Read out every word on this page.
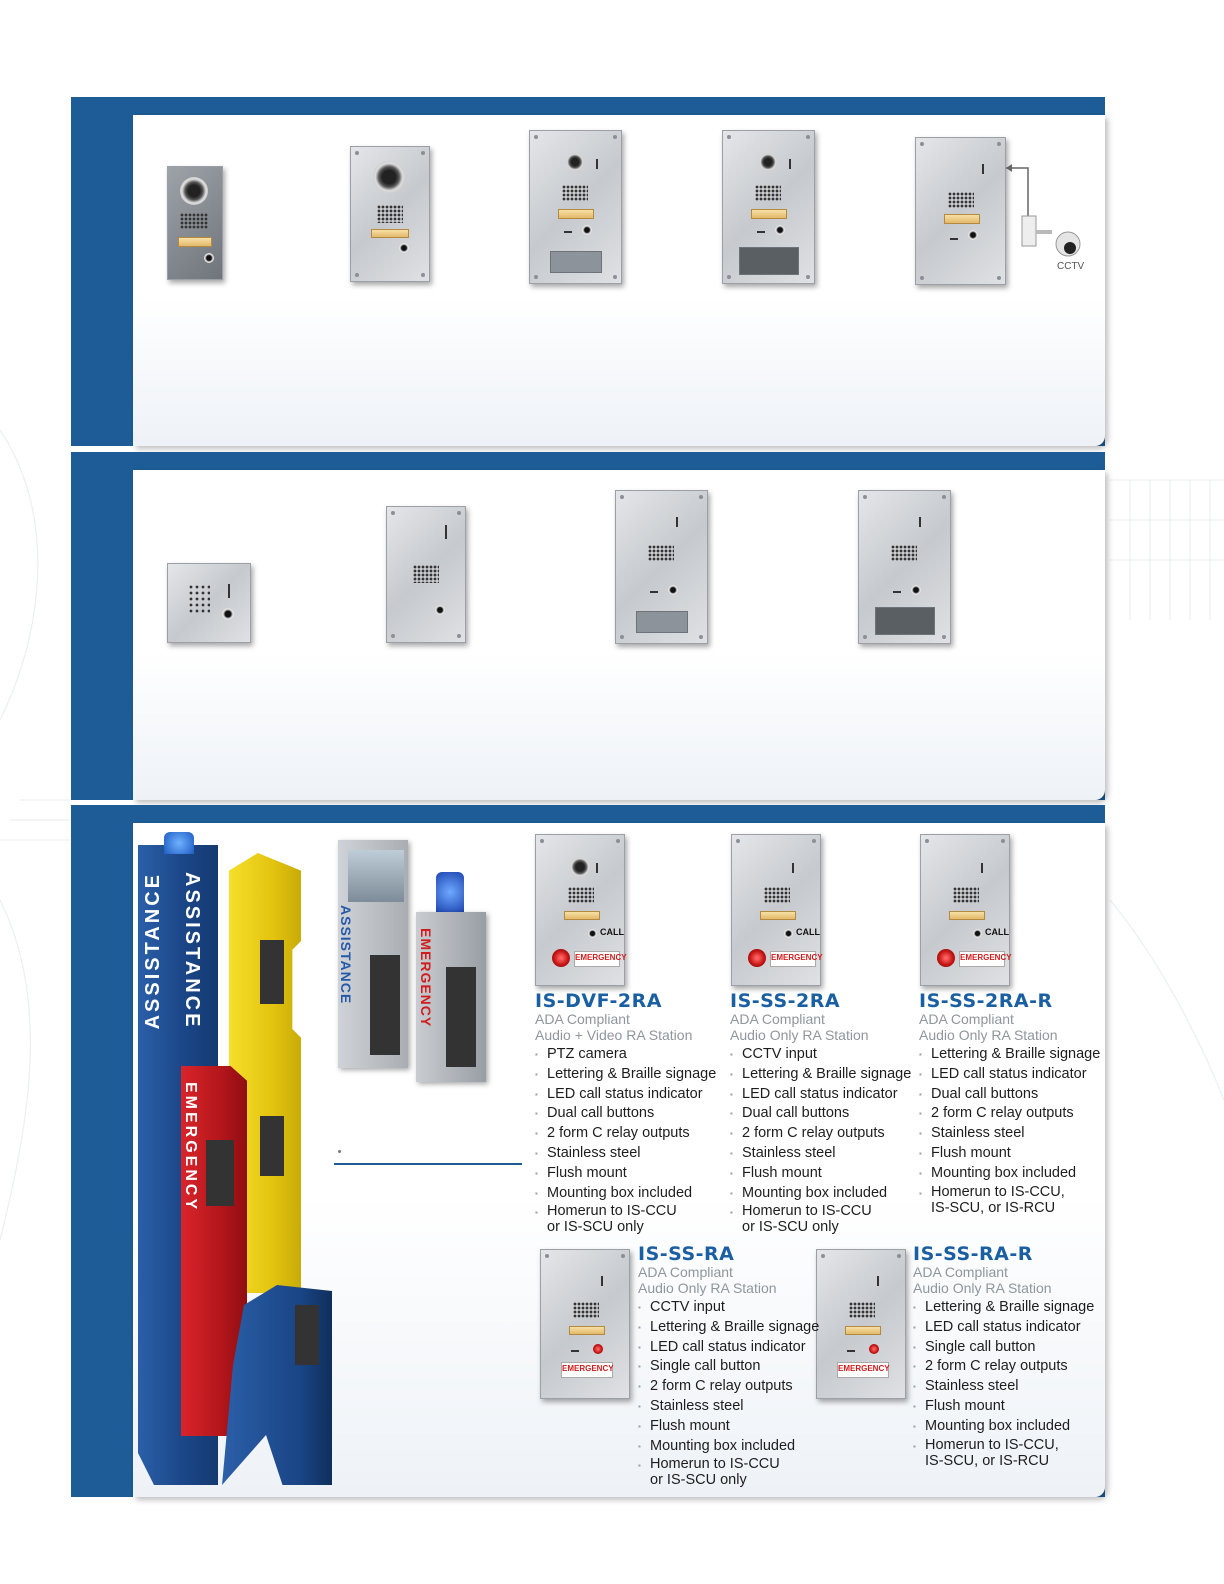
CCTV
ASSISTANCE ASSISTANCE
EMERGENCY
ASSISTANCE	EMERGENCY	CALL
EMERGENCY
CALL
EMERGENCY
CALL
EMERGENCY
EMERGENCY	EMERGENCY
IS-DVF-2RA
ADA Compliant
Audio + Video RA Station
▪ PTZ camera
▪ Lettering & Braille signage
▪ LED call status indicator
▪ Dual call buttons
▪ 2 form C relay outputs
▪ Stainless steel
▪ Flush mount
▪ Mounting box included
▪ Homerun to IS-CCU
or IS-SCU only
IS-SS-2RA
ADA Compliant
Audio Only RA Station
▪ CCTV input
▪ Lettering & Braille signage
▪ LED call status indicator
▪ Dual call buttons
▪ 2 form C relay outputs
▪ Stainless steel
▪ Flush mount
▪ Mounting box included
▪ Homerun to IS-CCU
or IS-SCU only
IS-SS-2RA-R
ADA Compliant
Audio Only RA Station
▪ Lettering & Braille signage
▪ LED call status indicator
▪ Dual call buttons
▪ 2 form C relay outputs
▪ Stainless steel
▪ Flush mount
▪ Mounting box included
▪ Homerun to IS-CCU,
IS-SCU, or IS-RCU
IS-SS-RA
ADA Compliant
Audio Only RA Station
▪ CCTV input
▪ Lettering & Braille signage
▪ LED call status indicator
▪ Single call button
▪ 2 form C relay outputs
▪ Stainless steel
▪ Flush mount
▪ Mounting box included
▪ Homerun to IS-CCU
or IS-SCU only
IS-SS-RA-R
ADA Compliant
Audio Only RA Station
▪ Lettering & Braille signage
▪ LED call status indicator
▪ Single call button
▪ 2 form C relay outputs
▪ Stainless steel
▪ Flush mount
▪ Mounting box included
▪ Homerun to IS-CCU,
IS-SCU, or IS-RCU
